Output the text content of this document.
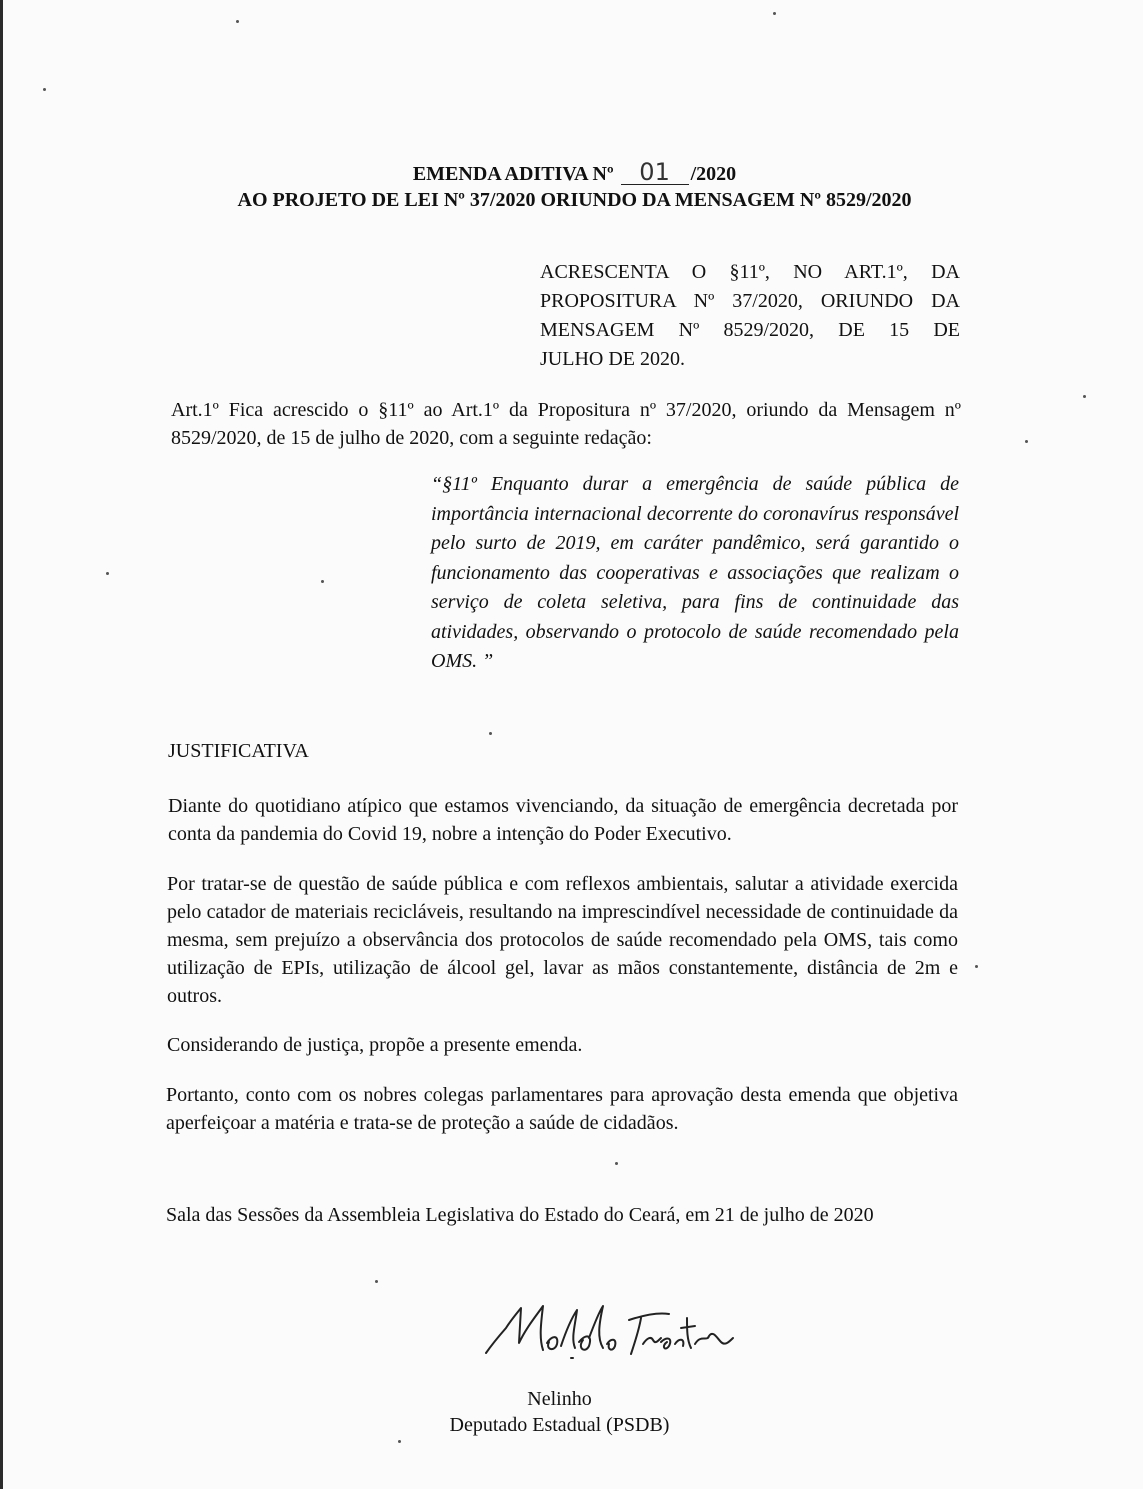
EMENDA ADITIVA Nº 01 /2020
AO PROJETO DE LEI Nº 37/2020 ORIUNDO DA MENSAGEM Nº 8529/2020
ACRESCENTA O §11º, NO ART.1º, DA
PROPOSITURA Nº 37/2020, ORIUNDO DA
MENSAGEM Nº 8529/2020, DE 15 DE
JULHO DE 2020.
Art.1º Fica acrescido o §11º ao Art.1º da Propositura nº 37/2020, oriundo da Mensagem nº 8529/2020, de 15 de julho de 2020, com a seguinte redação:
“§11º Enquanto durar a emergência de saúde pública de importância internacional decorrente do coronavírus responsável pelo surto de 2019, em caráter pandêmico, será garantido o funcionamento das cooperativas e associações que realizam o serviço de coleta seletiva, para fins de continuidade das atividades, observando o protocolo de saúde recomendado pela OMS. ”
JUSTIFICATIVA
Diante do quotidiano atípico que estamos vivenciando, da situação de emergência decretada por conta da pandemia do Covid 19, nobre a intenção do Poder Executivo.
Por tratar-se de questão de saúde pública e com reflexos ambientais, salutar a atividade exercida pelo catador de materiais recicláveis, resultando na imprescindível necessidade de continuidade da mesma, sem prejuízo a observância dos protocolos de saúde recomendado pela OMS, tais como utilização de EPIs, utilização de álcool gel, lavar as mãos constantemente, distância de 2m e outros.
Considerando de justiça, propõe a presente emenda.
Portanto, conto com os nobres colegas parlamentares para aprovação desta emenda que objetiva aperfeiçoar a matéria e trata-se de proteção a saúde de cidadãos.
Sala das Sessões da Assembleia Legislativa do Estado do Ceará, em 21 de julho de 2020
Nelinho
Deputado Estadual (PSDB)
